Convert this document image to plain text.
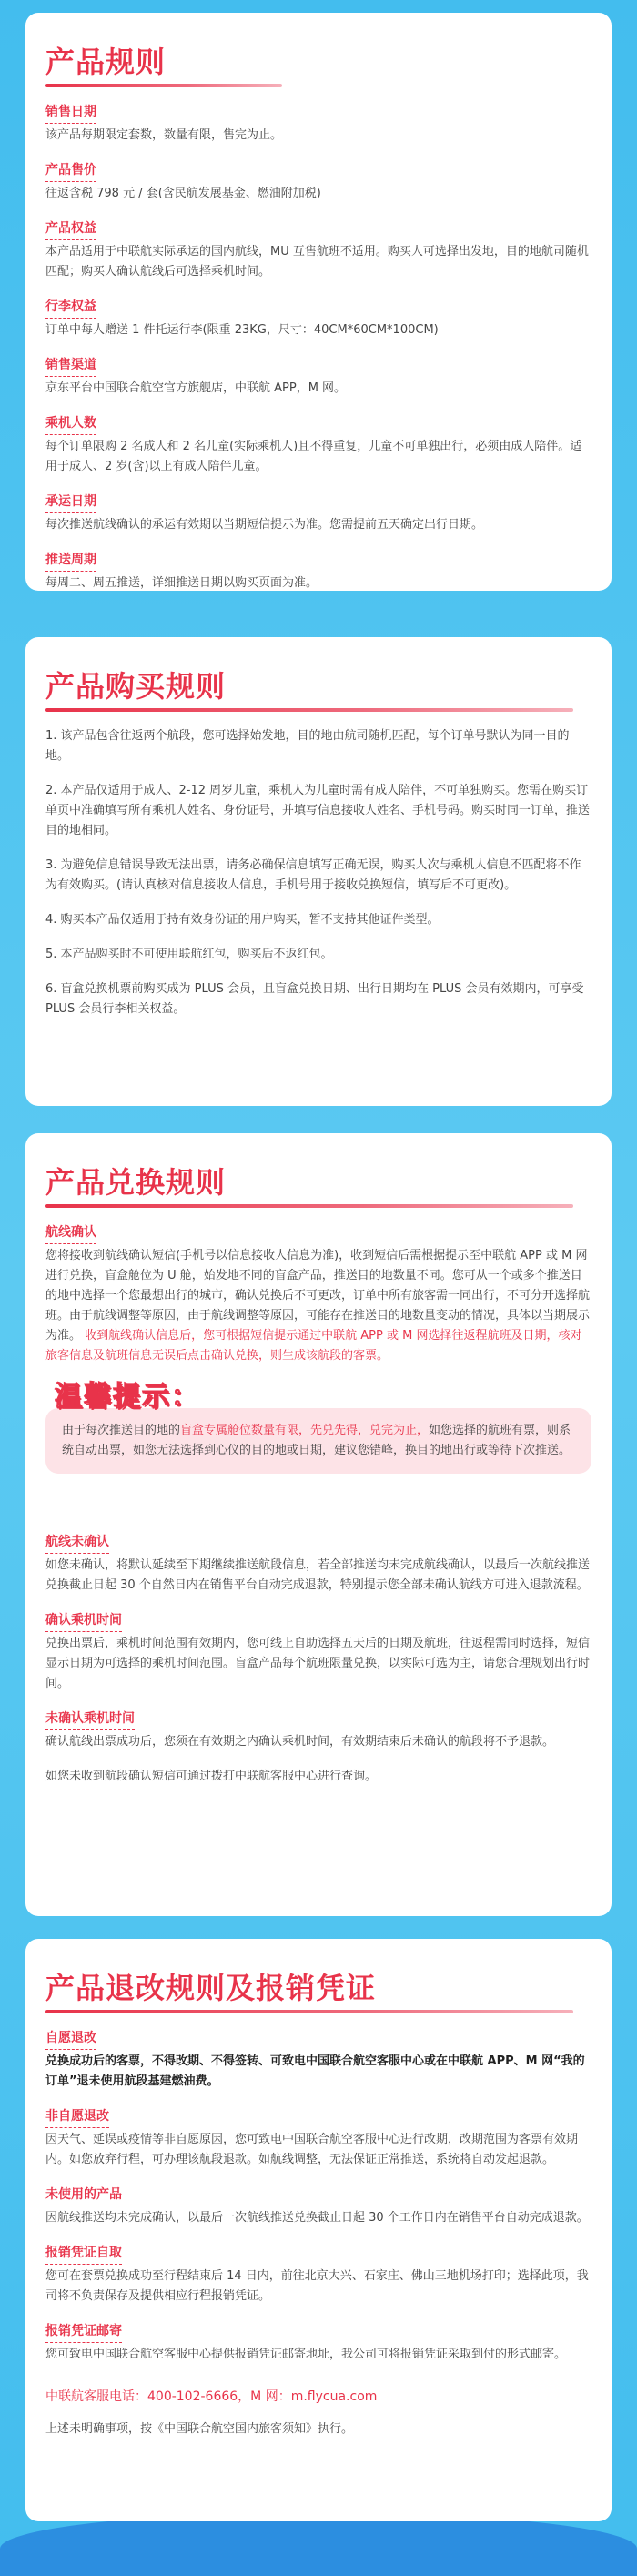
产品规则
销售日期
该产品每期限定套数，数量有限，售完为止。
产品售价
往返含税 798 元 / 套(含民航发展基金、燃油附加税)
产品权益
本产品适用于中联航实际承运的国内航线，MU 互售航班不适用。购买人可选择出发地，目的地航司随机匹配；购买人确认航线后可选择乘机时间。
行李权益
订单中每人赠送 1 件托运行李(限重 23KG，尺寸：40CM*60CM*100CM)
销售渠道
京东平台中国联合航空官方旗舰店，中联航 APP，M 网。
乘机人数
每个订单限购 2 名成人和 2 名儿童(实际乘机人)且不得重复，儿童不可单独出行，必须由成人陪伴。适用于成人、2 岁(含)以上有成人陪伴儿童。
承运日期
每次推送航线确认的承运有效期以当期短信提示为准。您需提前五天确定出行日期。
推送周期
每周二、周五推送，详细推送日期以购买页面为准。
产品购买规则
1. 该产品包含往返两个航段，您可选择始发地，目的地由航司随机匹配，每个订单号默认为同一目的地。
2. 本产品仅适用于成人、2-12 周岁儿童，乘机人为儿童时需有成人陪伴，不可单独购买。您需在购买订单页中准确填写所有乘机人姓名、身份证号，并填写信息接收人姓名、手机号码。购买时同一订单，推送目的地相同。
3. 为避免信息错误导致无法出票，请务必确保信息填写正确无误，购买人次与乘机人信息不匹配将不作为有效购买。(请认真核对信息接收人信息，手机号用于接收兑换短信，填写后不可更改)。
4. 购买本产品仅适用于持有效身份证的用户购买，暂不支持其他证件类型。
5. 本产品购买时不可使用联航红包，购买后不返红包。
6. 盲盒兑换机票前购买成为 PLUS 会员，且盲盒兑换日期、出行日期均在 PLUS 会员有效期内，可享受 PLUS 会员行李相关权益。
产品兑换规则
航线确认
您将接收到航线确认短信(手机号以信息接收人信息为准)，收到短信后需根据提示至中联航 APP 或 M 网进行兑换，盲盒舱位为 U 舱，始发地不同的盲盒产品，推送目的地数量不同。您可从一个或多个推送目的地中选择一个您最想出行的城市，确认兑换后不可更改，订单中所有旅客需一同出行，不可分开选择航班。由于航线调整等原因，由于航线调整等原因，可能存在推送目的地数量变动的情况，具体以当期展示为准。 收到航线确认信息后，您可根据短信提示通过中联航 APP 或 M 网选择往返程航班及日期，核对旅客信息及航班信息无误后点击确认兑换，则生成该航段的客票。
温馨提示：
由于每次推送目的地的盲盒专属舱位数量有限，先兑先得，兑完为止，如您选择的航班有票，则系统自动出票，如您无法选择到心仪的目的地或日期，建议您错峰，换目的地出行或等待下次推送。
航线未确认
如您未确认，将默认延续至下期继续推送航段信息，若全部推送均未完成航线确认，以最后一次航线推送兑换截止日起 30 个自然日内在销售平台自动完成退款，特别提示您全部未确认航线方可进入退款流程。
确认乘机时间
兑换出票后，乘机时间范围有效期内，您可线上自助选择五天后的日期及航班，往返程需同时选择，短信显示日期为可选择的乘机时间范围。盲盒产品每个航班限量兑换，以实际可选为主，请您合理规划出行时间。
未确认乘机时间
确认航线出票成功后，您须在有效期之内确认乘机时间，有效期结束后未确认的航段将不予退款。
如您未收到航段确认短信可通过拨打中联航客服中心进行查询。
产品退改规则及报销凭证
自愿退改
兑换成功后的客票，不得改期、不得签转、可致电中国联合航空客服中心或在中联航 APP、M 网“我的订单”退未使用航段基建燃油费。
非自愿退改
因天气、延误或疫情等非自愿原因，您可致电中国联合航空客服中心进行改期，改期范围为客票有效期内。如您放弃行程，可办理该航段退款。如航线调整，无法保证正常推送，系统将自动发起退款。
未使用的产品
因航线推送均未完成确认，以最后一次航线推送兑换截止日起 30 个工作日内在销售平台自动完成退款。
报销凭证自取
您可在套票兑换成功至行程结束后 14 日内，前往北京大兴、石家庄、佛山三地机场打印；选择此项，我司将不负责保存及提供相应行程报销凭证。
报销凭证邮寄
您可致电中国联合航空客服中心提供报销凭证邮寄地址，我公司可将报销凭证采取到付的形式邮寄。
中联航客服电话：400-102-6666，M 网：m.flycua.com
上述未明确事项，按《中国联合航空国内旅客须知》执行。
